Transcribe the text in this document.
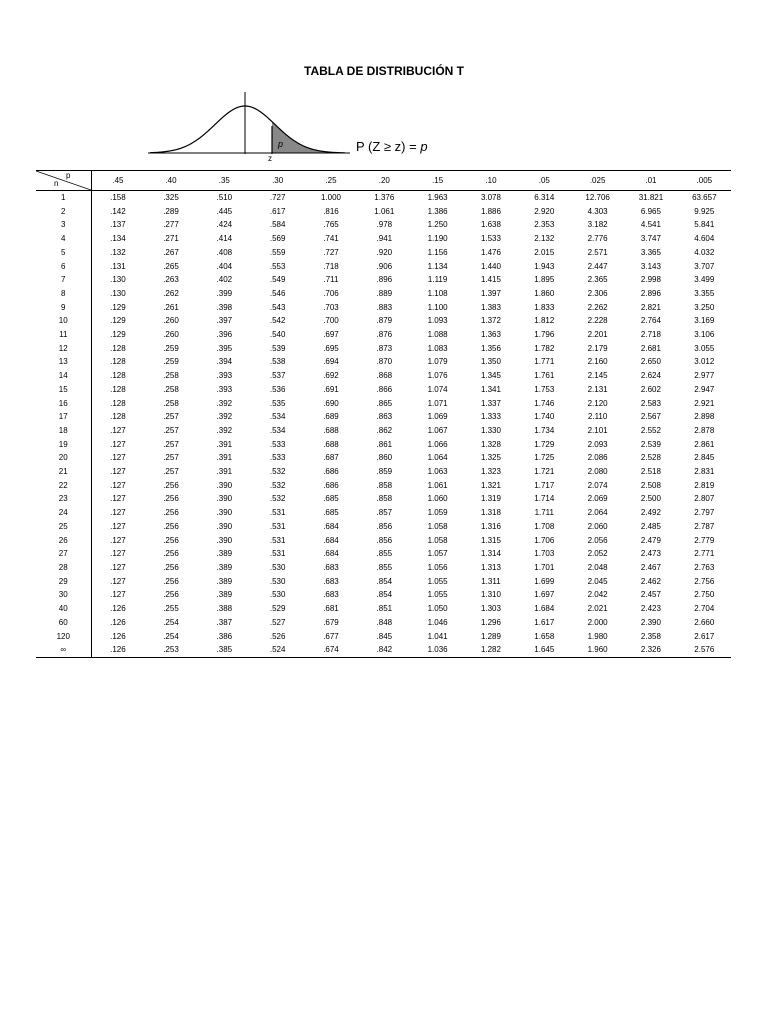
TABLA DE DISTRIBUCIÓN T
p
z
P (Z ≥ z) = p
p
n	.45	.40	.35	.30	.25	.20	.15	.10	.05	.025	.01	.005
1	.158	.325	.510	.727	1.000	1.376	1.963	3.078	6.314	12.706	31.821	63.657
2	.142	.289	.445	.617	.816	1.061	1.386	1.886	2.920	4.303	6.965	9.925
3	.137	.277	.424	.584	.765	.978	1.250	1.638	2.353	3.182	4.541	5.841
4	.134	.271	.414	.569	.741	.941	1.190	1.533	2.132	2.776	3.747	4.604
5	.132	.267	.408	.559	.727	.920	1.156	1.476	2.015	2.571	3.365	4.032
6	.131	.265	.404	.553	.718	.906	1.134	1.440	1.943	2.447	3.143	3.707
7	.130	.263	.402	.549	.711	.896	1.119	1.415	1.895	2.365	2.998	3.499
8	.130	.262	.399	.546	.706	.889	1.108	1.397	1.860	2.306	2.896	3.355
9	.129	.261	.398	.543	.703	.883	1.100	1.383	1.833	2.262	2.821	3.250
10	.129	.260	.397	.542	.700	.879	1.093	1.372	1.812	2.228	2.764	3.169
11	.129	.260	.396	.540	.697	.876	1.088	1.363	1.796	2.201	2.718	3.106
12	.128	.259	.395	.539	.695	.873	1.083	1.356	1.782	2.179	2.681	3.055
13	.128	.259	.394	.538	.694	.870	1.079	1.350	1.771	2.160	2.650	3.012
14	.128	.258	.393	.537	.692	.868	1.076	1.345	1.761	2.145	2.624	2.977
15	.128	.258	.393	.536	.691	.866	1.074	1.341	1.753	2.131	2.602	2.947
16	.128	.258	.392	.535	.690	.865	1.071	1.337	1.746	2.120	2.583	2.921
17	.128	.257	.392	.534	.689	.863	1.069	1.333	1.740	2.110	2.567	2.898
18	.127	.257	.392	.534	.688	.862	1.067	1.330	1.734	2.101	2.552	2.878
19	.127	.257	.391	.533	.688	.861	1.066	1.328	1.729	2.093	2.539	2.861
20	.127	.257	.391	.533	.687	.860	1.064	1.325	1.725	2.086	2.528	2.845
21	.127	.257	.391	.532	.686	.859	1.063	1.323	1.721	2.080	2.518	2.831
22	.127	.256	.390	.532	.686	.858	1.061	1.321	1.717	2.074	2.508	2.819
23	.127	.256	.390	.532	.685	.858	1.060	1.319	1.714	2.069	2.500	2.807
24	.127	.256	.390	.531	.685	.857	1.059	1.318	1.711	2.064	2.492	2.797
25	.127	.256	.390	.531	.684	.856	1.058	1.316	1.708	2.060	2.485	2.787
26	.127	.256	.390	.531	.684	.856	1.058	1.315	1.706	2.056	2.479	2.779
27	.127	.256	.389	.531	.684	.855	1.057	1.314	1.703	2.052	2.473	2.771
28	.127	.256	.389	.530	.683	.855	1.056	1.313	1.701	2.048	2.467	2.763
29	.127	.256	.389	.530	.683	.854	1.055	1.311	1.699	2.045	2.462	2.756
30	.127	.256	.389	.530	.683	.854	1.055	1.310	1.697	2.042	2.457	2.750
40	.126	.255	.388	.529	.681	.851	1.050	1.303	1.684	2.021	2.423	2.704
60	.126	.254	.387	.527	.679	.848	1.046	1.296	1.617	2.000	2.390	2.660
120	.126	.254	.386	.526	.677	.845	1.041	1.289	1.658	1.980	2.358	2.617
∞	.126	.253	.385	.524	.674	.842	1.036	1.282	1.645	1.960	2.326	2.576
